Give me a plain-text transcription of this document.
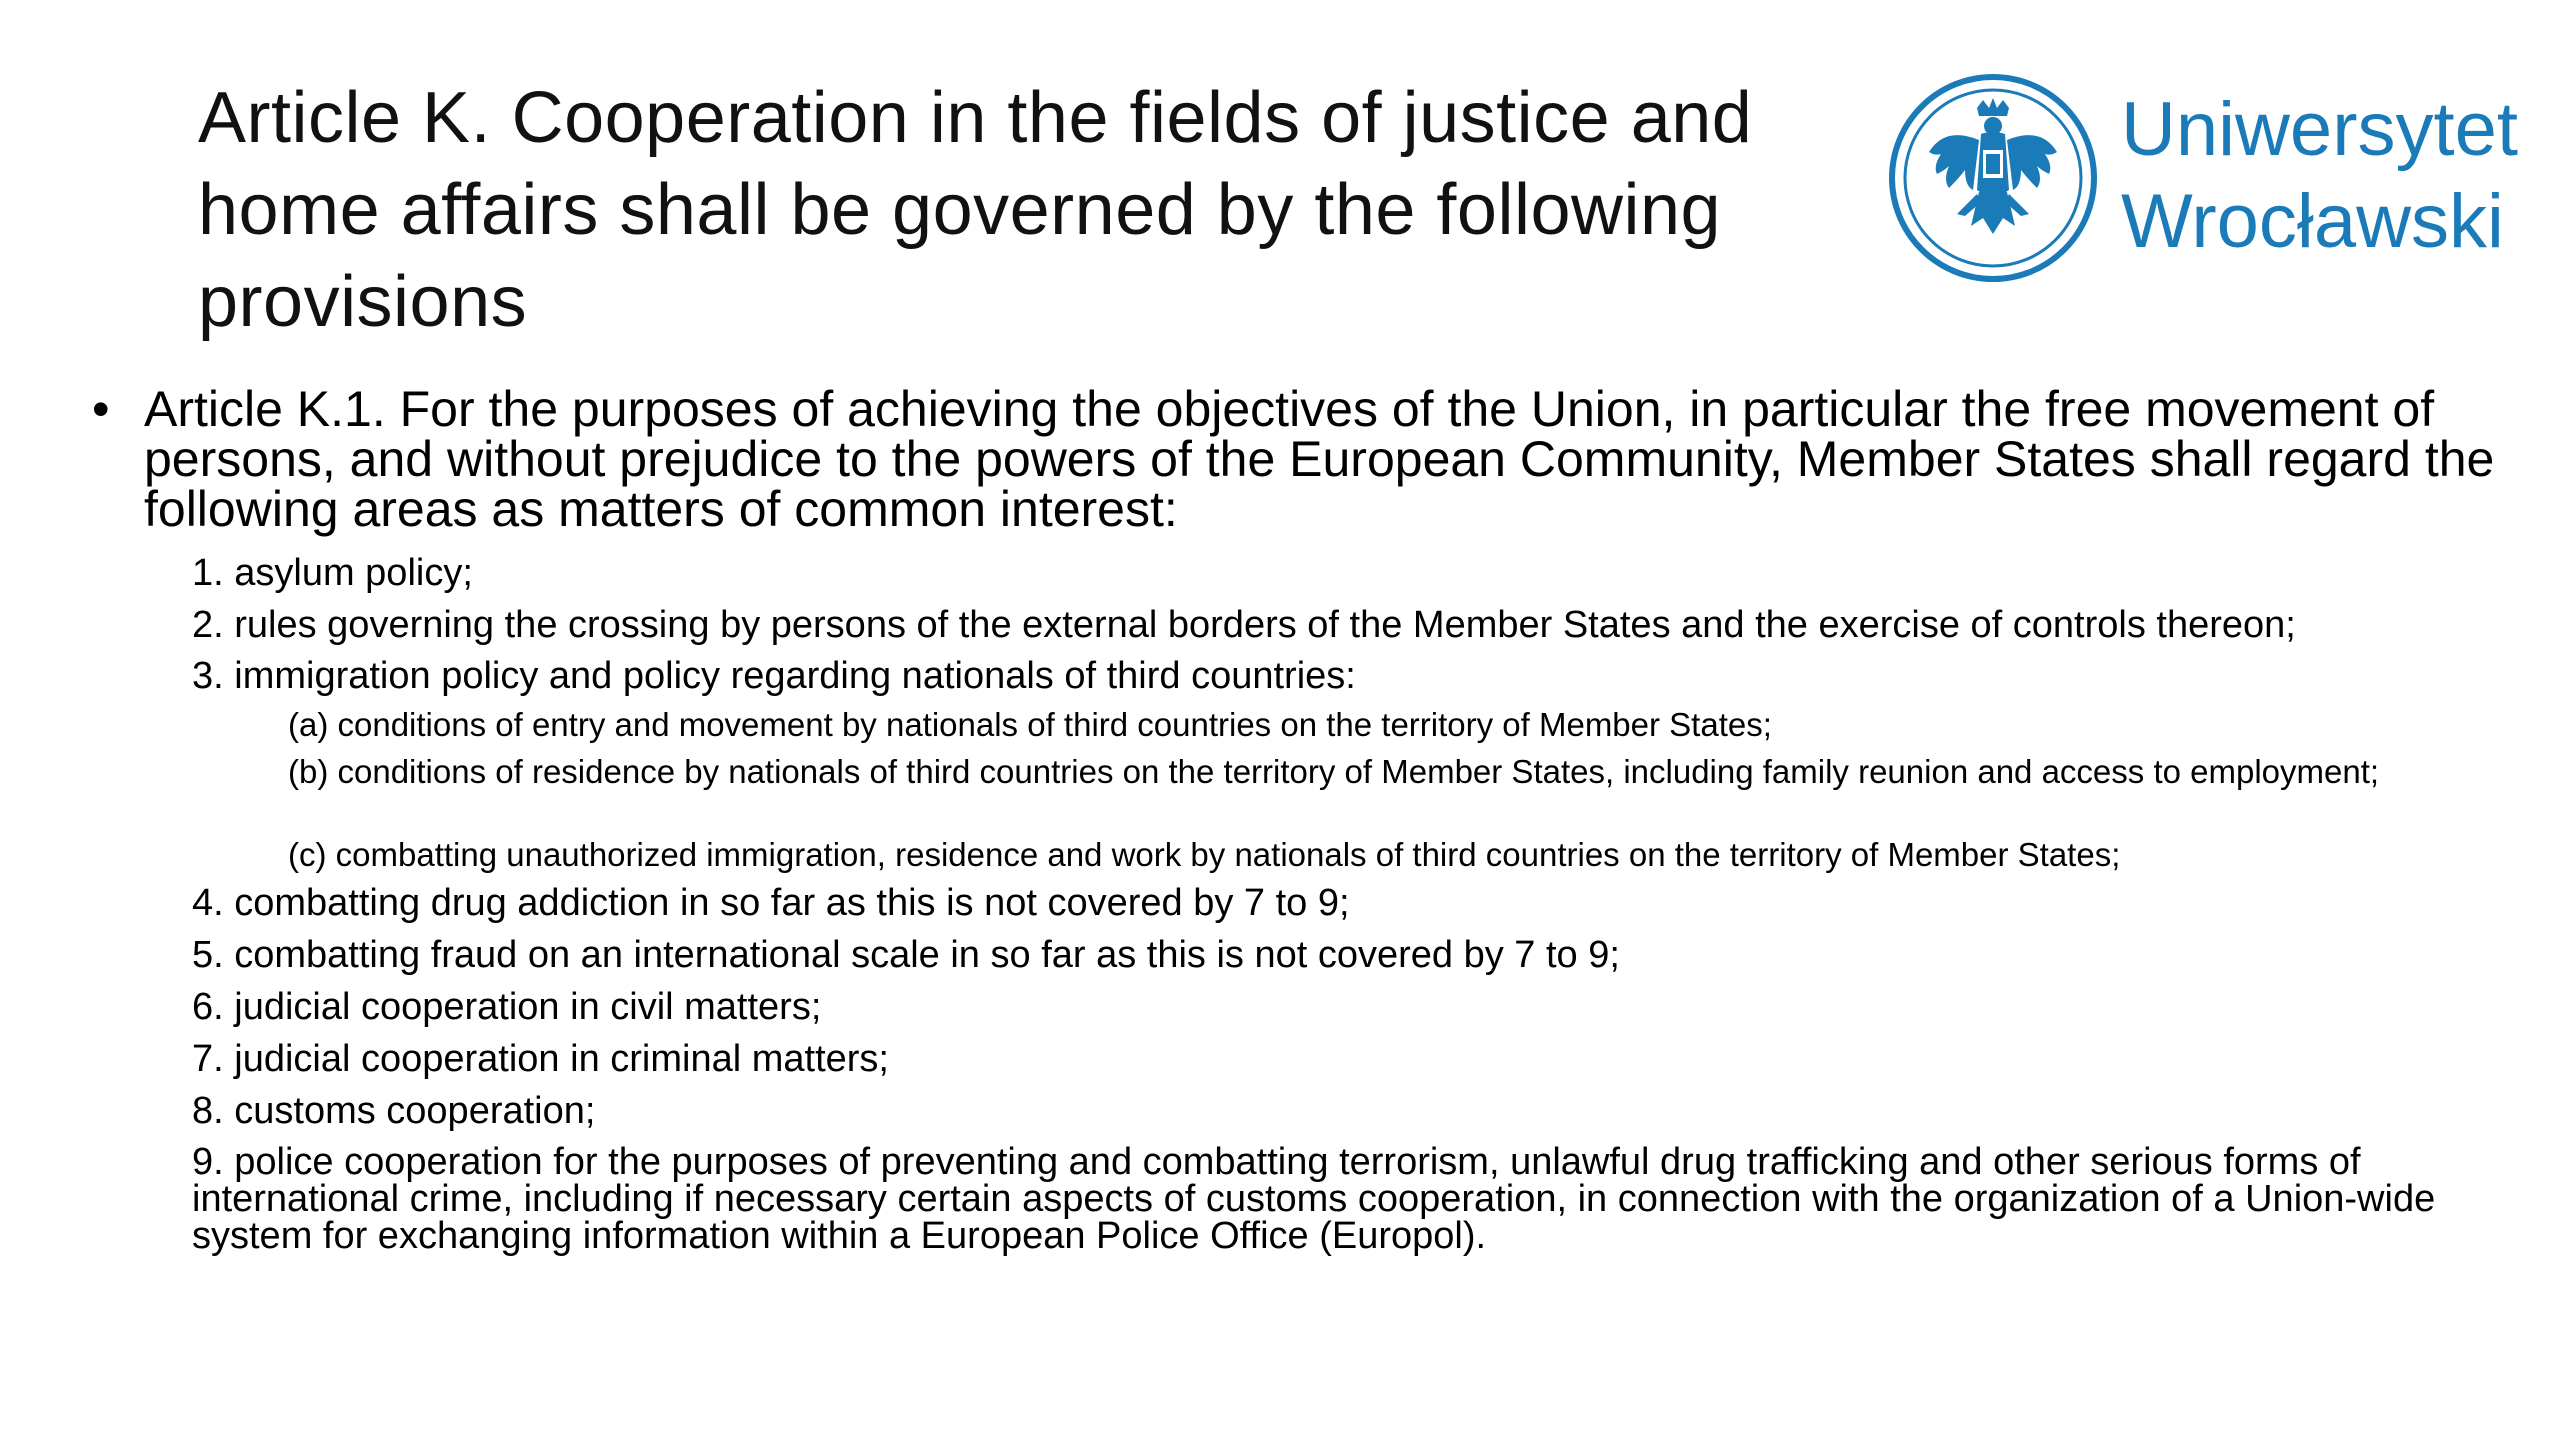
Article K. Cooperation in the fields of justice and home affairs shall be governed by the following provisions
Uniwersytet
Wrocławski
• Article K.1. For the purposes of achieving the objectives of the Union, in particular the free movement of persons, and without prejudice to the powers of the European Community, Member States shall regard the following areas as matters of common interest:
1. asylum policy;
2. rules governing the crossing by persons of the external borders of the Member States and the exercise of controls thereon;
3. immigration policy and policy regarding nationals of third countries:
(a) conditions of entry and movement by nationals of third countries on the territory of Member States;
(b) conditions of residence by nationals of third countries on the territory of Member States, including family reunion and access to employment;
(c) combatting unauthorized immigration, residence and work by nationals of third countries on the territory of Member States;
4. combatting drug addiction in so far as this is not covered by 7 to 9;
5. combatting fraud on an international scale in so far as this is not covered by 7 to 9;
6. judicial cooperation in civil matters;
7. judicial cooperation in criminal matters;
8. customs cooperation;
9. police cooperation for the purposes of preventing and combatting terrorism, unlawful drug trafficking and other serious forms of international crime, including if necessary certain aspects of customs cooperation, in connection with the organization of a Union-wide system for exchanging information within a European Police Office (Europol).
